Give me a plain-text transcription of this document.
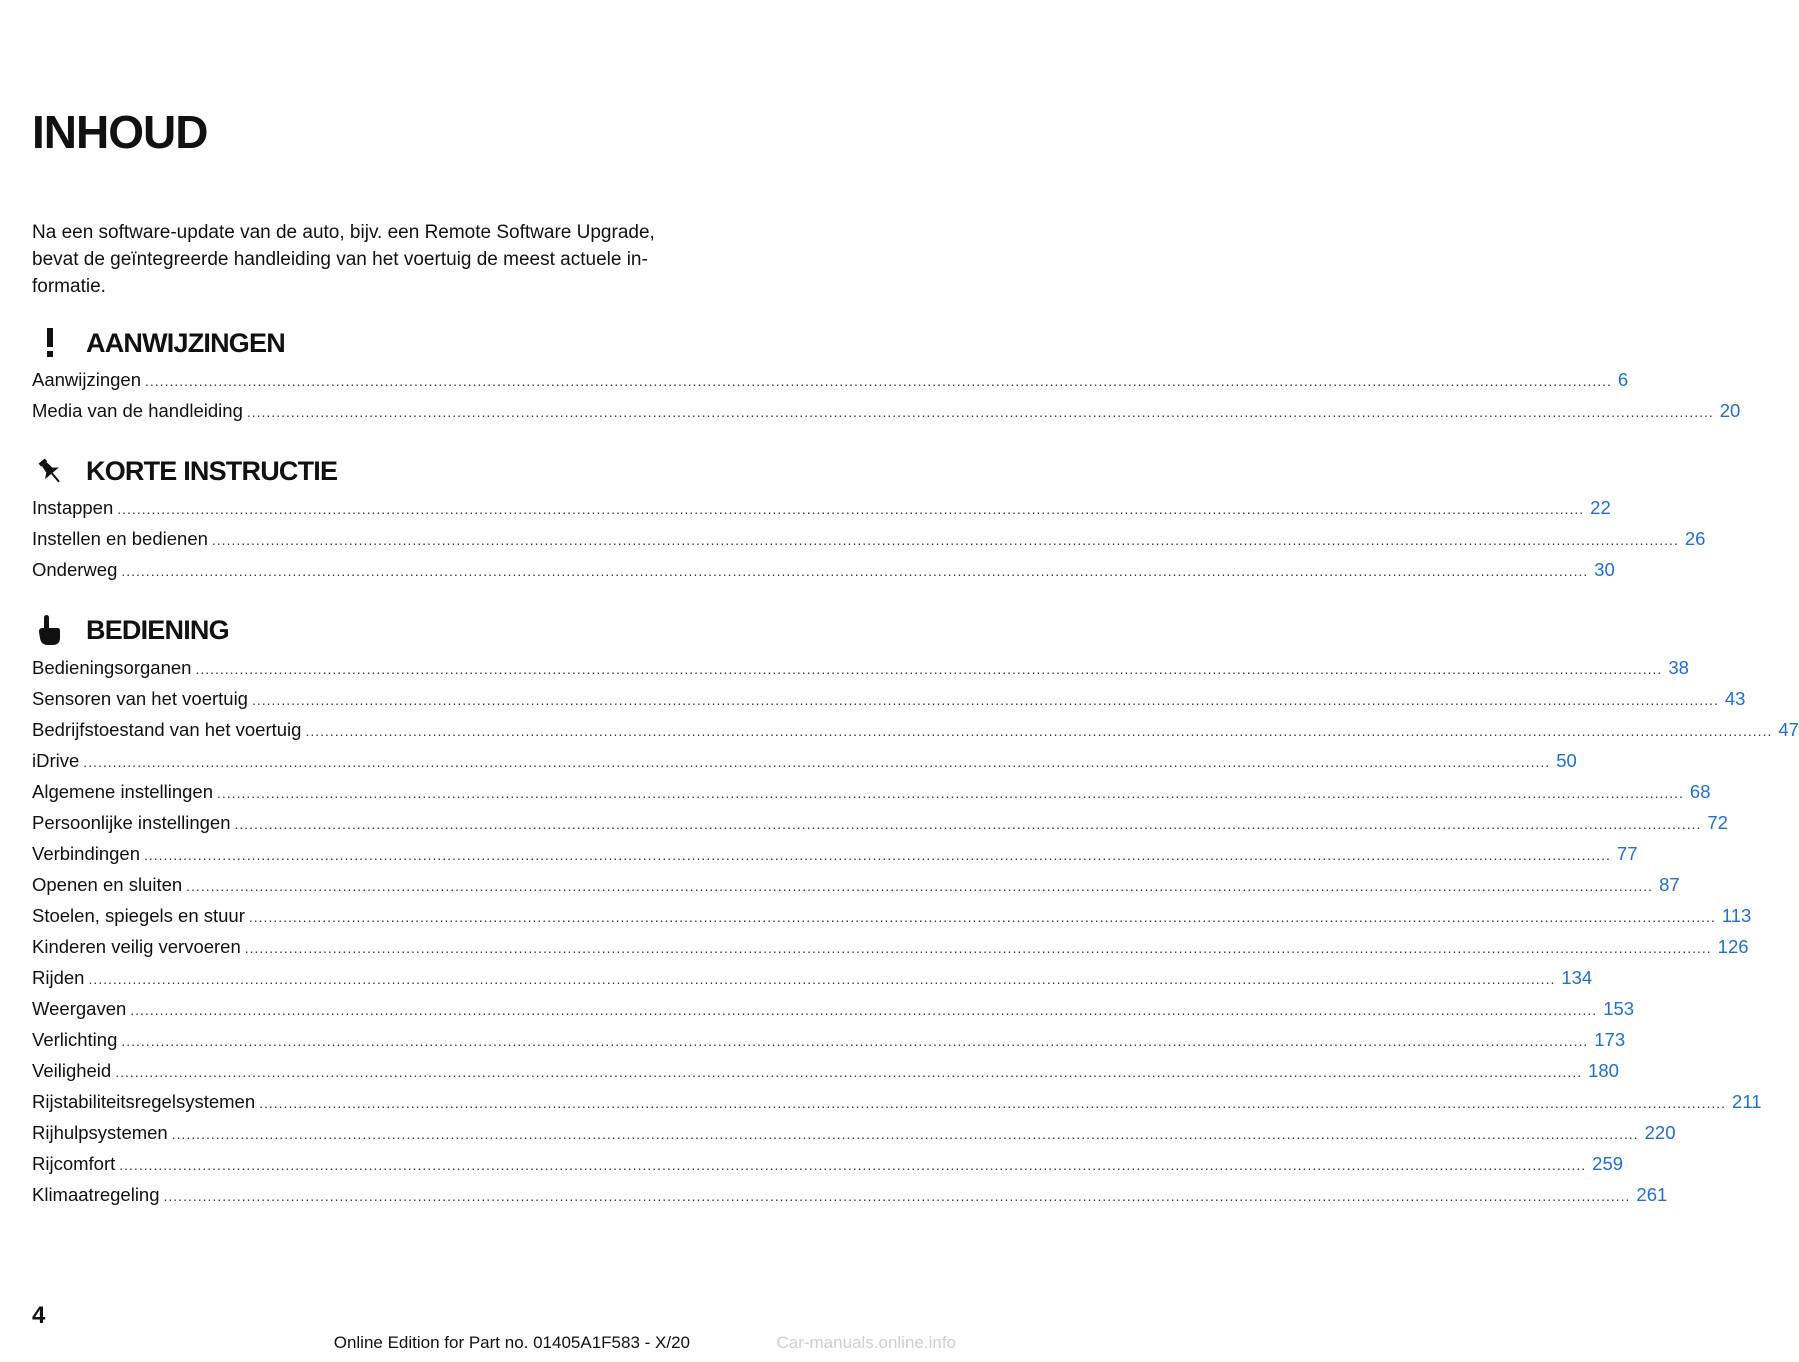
INHOUD

Na een software-update van de auto, bijv. een Remote Software Upgrade, bevat de geïntegreerde handleiding van het voertuig de meest actuele in-formatie.

AANWIJZINGEN
Aanwijzingen ............................................................................................................................................................................................................................................................................................................ 6
Media van de handleiding ............................................................................................................................................................................................................................................................................................................ 20
KORTE INSTRUCTIE
Instappen ............................................................................................................................................................................................................................................................................................................ 22
Instellen en bedienen ............................................................................................................................................................................................................................................................................................................ 26
Onderweg ............................................................................................................................................................................................................................................................................................................ 30
BEDIENING
Bedieningsorganen ............................................................................................................................................................................................................................................................................................................ 38
Sensoren van het voertuig ............................................................................................................................................................................................................................................................................................................ 43
Bedrijfstoestand van het voertuig ............................................................................................................................................................................................................................................................................................................ 47
iDrive ............................................................................................................................................................................................................................................................................................................ 50
Algemene instellingen ............................................................................................................................................................................................................................................................................................................ 68
Persoonlijke instellingen ............................................................................................................................................................................................................................................................................................................ 72
Verbindingen ............................................................................................................................................................................................................................................................................................................ 77
Openen en sluiten ............................................................................................................................................................................................................................................................................................................ 87
Stoelen, spiegels en stuur ............................................................................................................................................................................................................................................................................................................ 113
Kinderen veilig vervoeren ............................................................................................................................................................................................................................................................................................................ 126
Rijden ............................................................................................................................................................................................................................................................................................................ 134
Weergaven ............................................................................................................................................................................................................................................................................................................ 153
Verlichting ............................................................................................................................................................................................................................................................................................................ 173
Veiligheid ............................................................................................................................................................................................................................................................................................................ 180
Rijstabiliteitsregelsystemen ............................................................................................................................................................................................................................................................................................................ 211
Rijhulpsystemen ............................................................................................................................................................................................................................................................................................................ 220
Rijcomfort ............................................................................................................................................................................................................................................................................................................ 259
Klimaatregeling ............................................................................................................................................................................................................................................................................................................ 261

4

Online Edition for Part no. 01405A1F583 - X/20	Car-manuals.online.info
